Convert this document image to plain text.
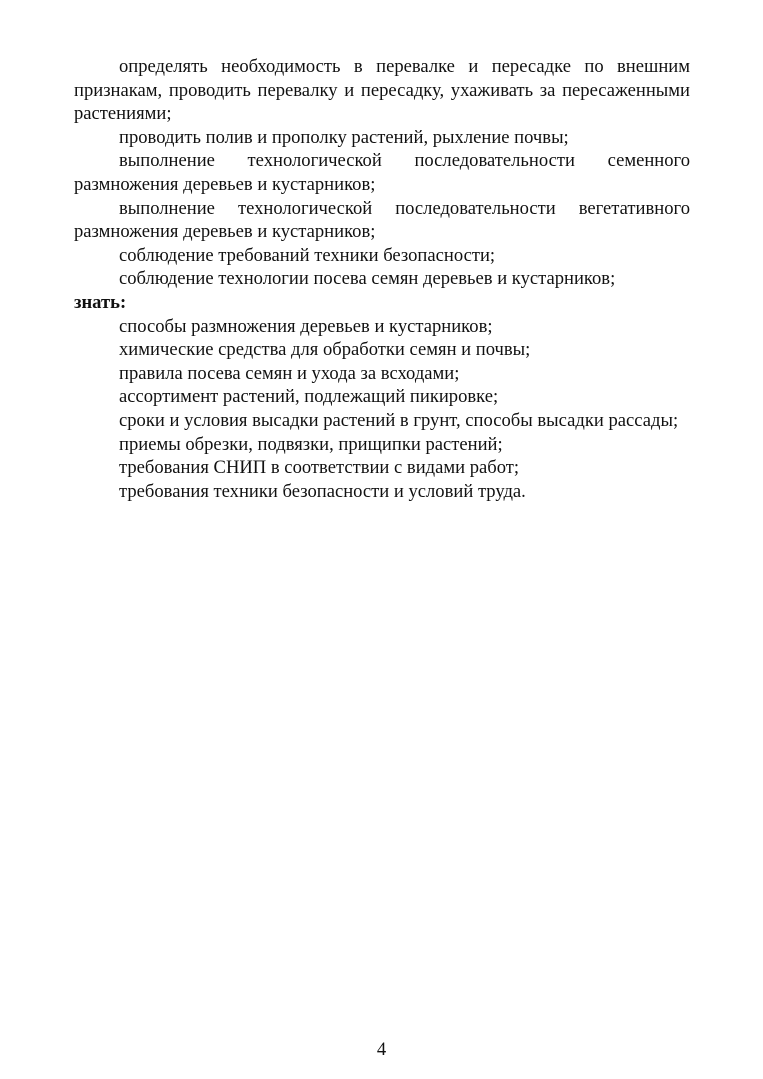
определять необходимость в перевалке и пересадке по внешним признакам, проводить перевалку и пересадку, ухаживать за пересаженными растениями;

проводить полив и прополку растений, рыхление почвы;

выполнение технологической последовательности семенного размножения деревьев и кустарников;

выполнение технологической последовательности вегетативного размножения деревьев и кустарников;

соблюдение требований техники безопасности;

соблюдение технологии посева семян деревьев и кустарников;

знать:

способы размножения деревьев и кустарников;

химические средства для обработки семян и почвы;

правила посева семян и ухода за всходами;

ассортимент растений, подлежащий пикировке;

сроки и условия высадки растений в грунт, способы высадки рассады;

приемы обрезки, подвязки, прищипки растений;

требования СНИП в соответствии с видами работ;

требования техники безопасности и условий труда.

4
